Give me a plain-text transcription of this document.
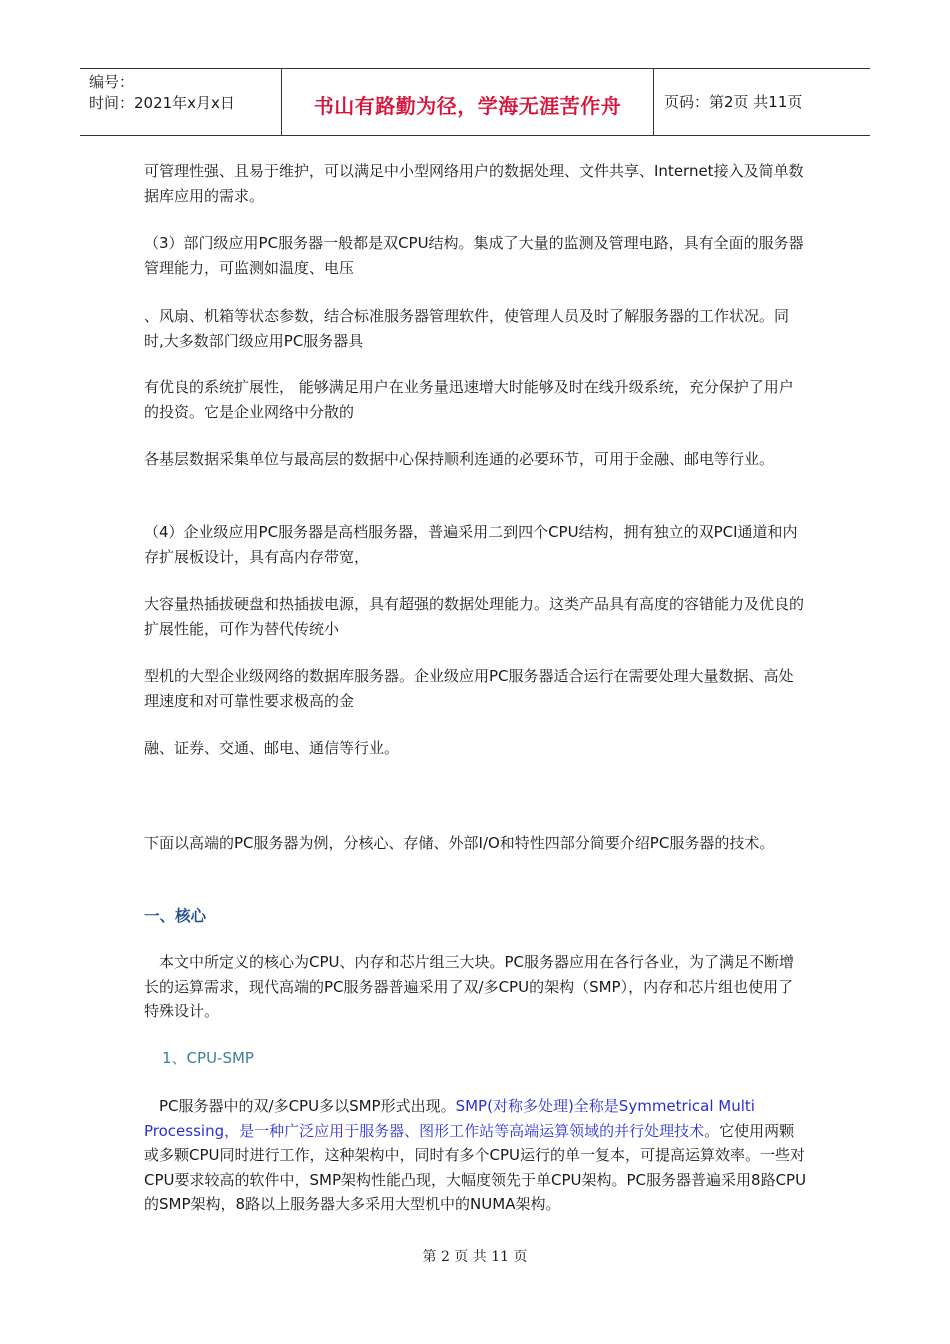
编号：
时间：2021年x月x日	书山有路勤为径，学海无涯苦作舟	页码：第2页 共11页

可管理性强、且易于维护，可以满足中小型网络用户的数据处理、文件共享、Internet接入及简单数据库应用的需求。

（3）部门级应用PC服务器一般都是双CPU结构。集成了大量的监测及管理电路，具有全面的服务器管理能力，可监测如温度、电压

、风扇、机箱等状态参数，结合标准服务器管理软件，使管理人员及时了解服务器的工作状况。同时,大多数部门级应用PC服务器具

有优良的系统扩展性， 能够满足用户在业务量迅速增大时能够及时在线升级系统，充分保护了用户的投资。它是企业网络中分散的

各基层数据采集单位与最高层的数据中心保持顺利连通的必要环节，可用于金融、邮电等行业。

（4）企业级应用PC服务器是高档服务器，普遍采用二到四个CPU结构，拥有独立的双PCI通道和内存扩展板设计，具有高内存带宽，

大容量热插拔硬盘和热插拔电源，具有超强的数据处理能力。这类产品具有高度的容错能力及优良的扩展性能，可作为替代传统小

型机的大型企业级网络的数据库服务器。企业级应用PC服务器适合运行在需要处理大量数据、高处理速度和对可靠性要求极高的金

融、证券、交通、邮电、通信等行业。

下面以高端的PC服务器为例，分核心、存储、外部I/O和特性四部分简要介绍PC服务器的技术。

一、核心

　本文中所定义的核心为CPU、内存和芯片组三大块。PC服务器应用在各行各业，为了满足不断增长的运算需求，现代高端的PC服务器普遍采用了双/多CPU的架构（SMP），内存和芯片组也使用了特殊设计。

1、CPU-SMP

　PC服务器中的双/多CPU多以SMP形式出现。SMP(对称多处理)全称是Symmetrical Multi Processing，是一种广泛应用于服务器、图形工作站等高端运算领域的并行处理技术。它使用两颗或多颗CPU同时进行工作，这种架构中，同时有多个CPU运行的单一复本，可提高运算效率。一些对CPU要求较高的软件中，SMP架构性能凸现，大幅度领先于单CPU架构。PC服务器普遍采用8路CPU的SMP架构，8路以上服务器大多采用大型机中的NUMA架构。

第 2 页 共 11 页
